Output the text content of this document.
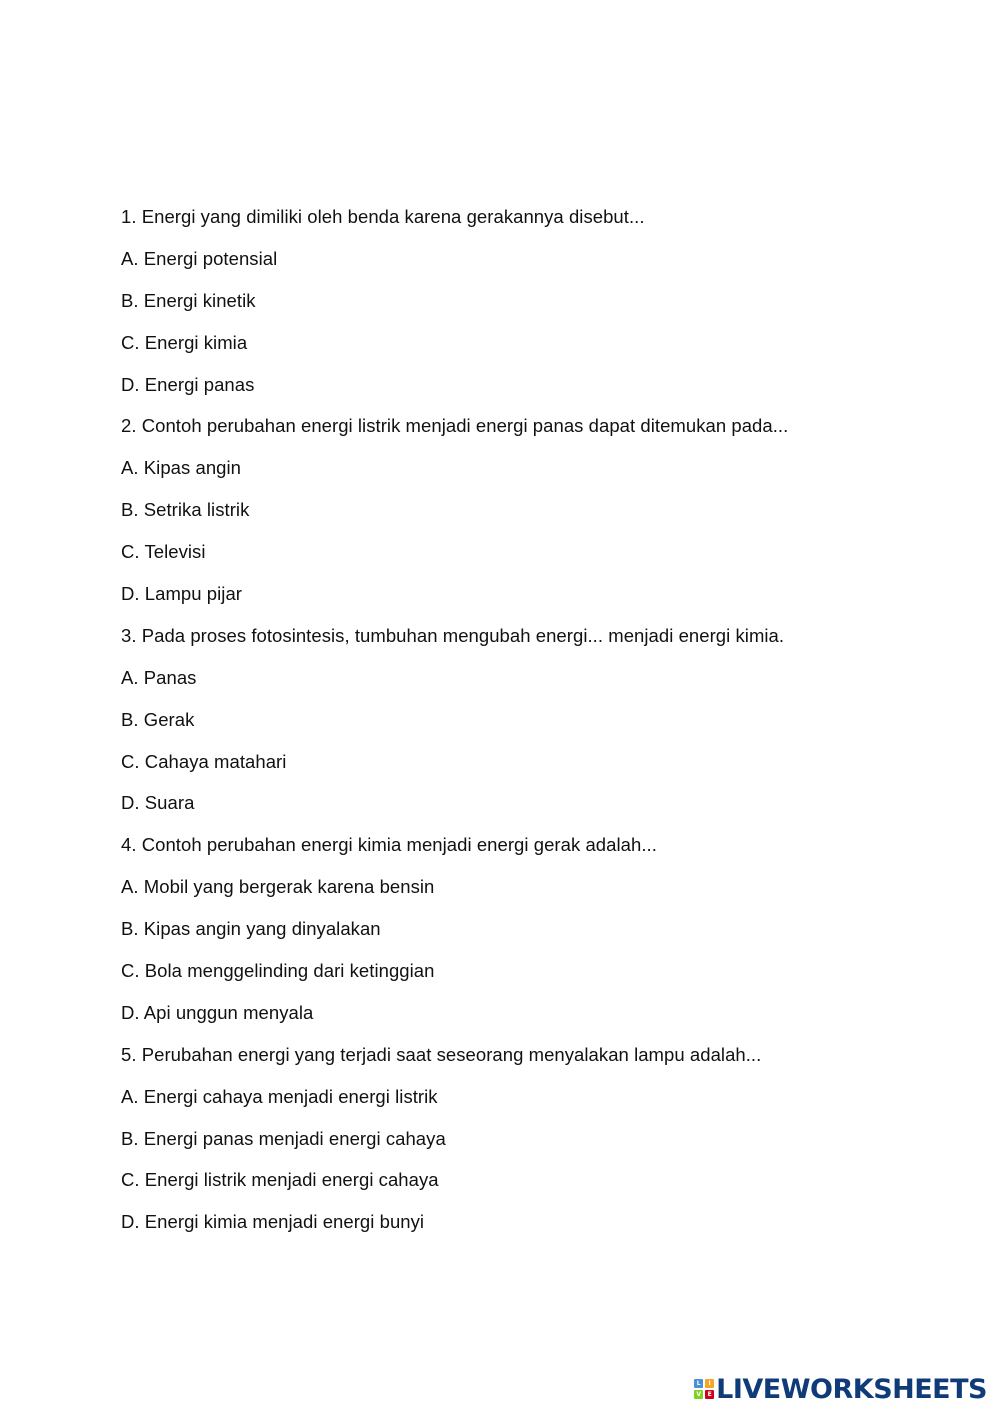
1. Energi yang dimiliki oleh benda karena gerakannya disebut...
A. Energi potensial
B. Energi kinetik
C. Energi kimia
D. Energi panas
2. Contoh perubahan energi listrik menjadi energi panas dapat ditemukan pada...
A. Kipas angin
B. Setrika listrik
C. Televisi
D. Lampu pijar
3. Pada proses fotosintesis, tumbuhan mengubah energi... menjadi energi kimia.
A. Panas
B. Gerak
C. Cahaya matahari
D. Suara
4. Contoh perubahan energi kimia menjadi energi gerak adalah...
A. Mobil yang bergerak karena bensin
B. Kipas angin yang dinyalakan
C. Bola menggelinding dari ketinggian
D. Api unggun menyala
5. Perubahan energi yang terjadi saat seseorang menyalakan lampu adalah...
A. Energi cahaya menjadi energi listrik
B. Energi panas menjadi energi cahaya
C. Energi listrik menjadi energi cahaya
D. Energi kimia menjadi energi bunyi
L	I
V	E LIVEWORKSHEETS
